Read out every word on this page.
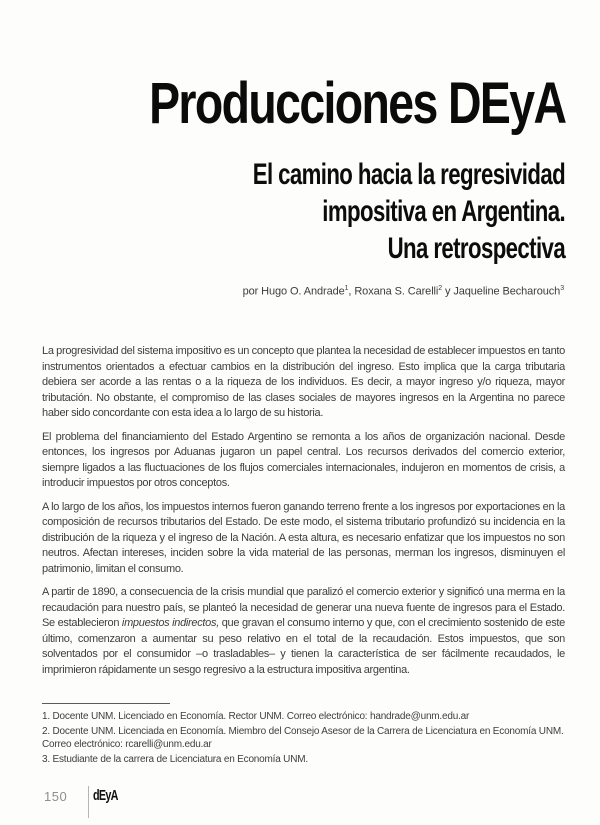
Producciones DEyA
El camino hacia la regresividad
impositiva en Argentina.
Una retrospectiva

por Hugo O. Andrade$^1$, Roxana S. Carelli$^2$ y Jaqueline Becharouch$^3$

La progresividad del sistema impositivo es un concepto que plantea la necesidad de establecer impuestos en tanto instrumentos orientados a efectuar cambios en la distribución del ingreso. Esto implica que la carga tributaria debiera ser acorde a las rentas o a la riqueza de los individuos. Es decir, a mayor ingreso y/o riqueza, mayor tributación. No obstante, el compromiso de las clases sociales de mayores ingresos en la Argentina no parece haber sido concordante con esta idea a lo largo de su historia.

El problema del financiamiento del Estado Argentino se remonta a los años de organización nacional. Desde entonces, los ingresos por Aduanas jugaron un papel central. Los recursos derivados del comercio exterior, siempre ligados a las fluctuaciones de los flujos comerciales internacionales, indujeron en momentos de crisis, a introducir impuestos por otros conceptos.

A lo largo de los años, los impuestos internos fueron ganando terreno frente a los ingresos por exportaciones en la composición de recursos tributarios del Estado. De este modo, el sistema tributario profundizó su incidencia en la distribución de la riqueza y el ingreso de la Nación. A esta altura, es necesario enfatizar que los impuestos no son neutros. Afectan intereses, inciden sobre la vida material de las personas, merman los ingresos, disminuyen el patrimonio, limitan el consumo.

A partir de 1890, a consecuencia de la crisis mundial que paralizó el comercio exterior y significó una merma en la recaudación para nuestro país, se planteó la necesidad de generar una nueva fuente de ingresos para el Estado. Se establecieron impuestos indirectos, que gravan el consumo interno y que, con el crecimiento sostenido de este último, comenzaron a aumentar su peso relativo en el total de la recaudación. Estos impuestos, que son solventados por el consumidor –o trasladables– y tienen la característica de ser fácilmente recaudados, le imprimieron rápidamente un sesgo regresivo a la estructura impositiva argentina.

1. Docente UNM. Licenciado en Economía. Rector UNM. Correo electrónico: handrade@unm.edu.ar

2. Docente UNM. Licenciada en Economía. Miembro del Consejo Asesor de la Carrera de Licenciatura en Economía UNM. Correo electrónico: rcarelli@unm.edu.ar

3. Estudiante de la carrera de Licenciatura en Economía UNM.

150 dEyA
